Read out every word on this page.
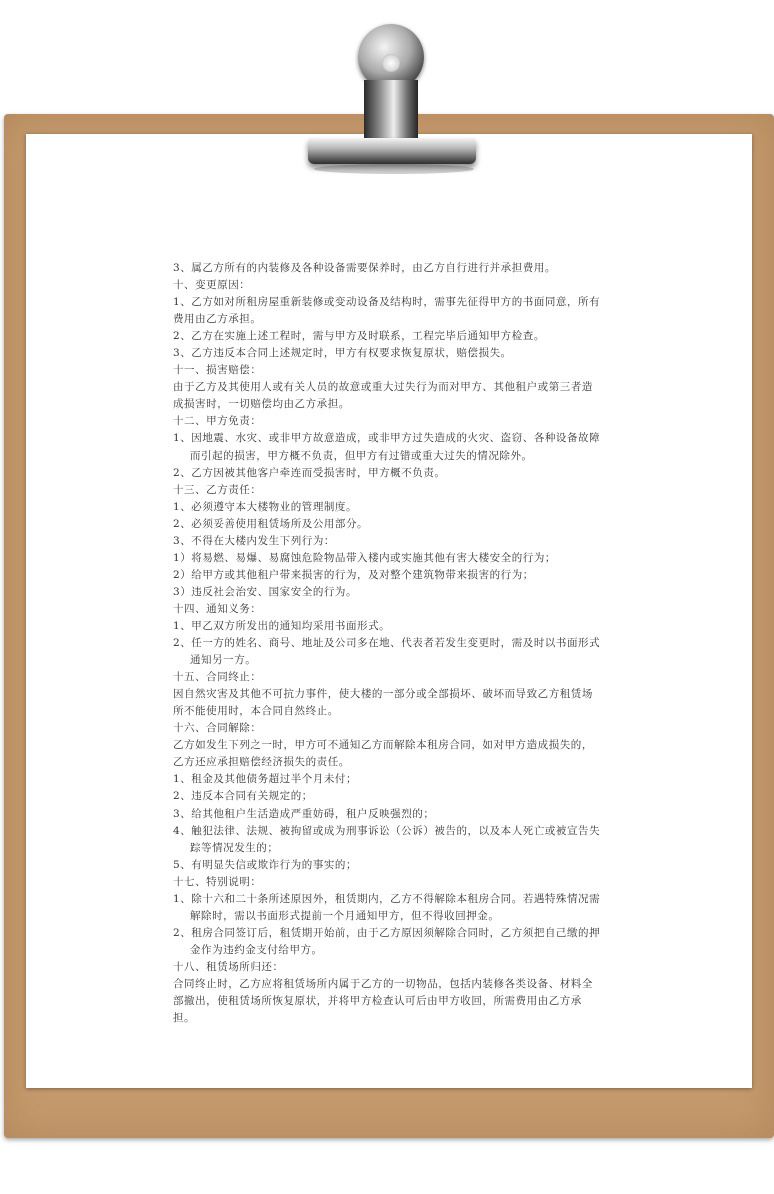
3、属乙方所有的内装修及各种设备需要保养时，由乙方自行进行并承担费用。

十、变更原因：

1、乙方如对所租房屋重新装修或变动设备及结构时，需事先征得甲方的书面同意，所有费用由乙方承担。

2、乙方在实施上述工程时，需与甲方及时联系，工程完毕后通知甲方检查。

3、乙方违反本合同上述规定时，甲方有权要求恢复原状，赔偿损失。

十一、损害赔偿：

由于乙方及其使用人或有关人员的故意或重大过失行为而对甲方、其他租户或第三者造成损害时，一切赔偿均由乙方承担。

十二、甲方免责：

1、因地震、水灾、或非甲方故意造成，或非甲方过失造成的火灾、盗窃、各种设备故障而引起的损害，甲方概不负责，但甲方有过错或重大过失的情况除外。

2、乙方因被其他客户牵连而受损害时，甲方概不负责。

十三、乙方责任：

1、必须遵守本大楼物业的管理制度。

2、必须妥善使用租赁场所及公用部分。

3、不得在大楼内发生下列行为：

1）将易燃、易爆、易腐蚀危险物品带入楼内或实施其他有害大楼安全的行为；

2）给甲方或其他租户带来损害的行为，及对整个建筑物带来损害的行为；

3）违反社会治安、国家安全的行为。

十四、通知义务：

1、甲乙双方所发出的通知均采用书面形式。

2、任一方的姓名、商号、地址及公司多在地、代表者若发生变更时，需及时以书面形式通知另一方。

十五、合同终止：

因自然灾害及其他不可抗力事件，使大楼的一部分或全部损坏、破坏而导致乙方租赁场所不能使用时，本合同自然终止。

十六、合同解除：

乙方如发生下列之一时，甲方可不通知乙方而解除本租房合同，如对甲方造成损失的，乙方还应承担赔偿经济损失的责任。

1、租金及其他债务超过半个月未付；

2、违反本合同有关规定的；

3、给其他租户生活造成严重妨碍，租户反映强烈的；

4、触犯法律、法规、被拘留或成为刑事诉讼（公诉）被告的，以及本人死亡或被宣告失踪等情况发生的；

5、有明显失信或欺诈行为的事实的；

十七、特别说明：

1、除十六和二十条所述原因外，租赁期内，乙方不得解除本租房合同。若遇特殊情况需解除时，需以书面形式提前一个月通知甲方，但不得收回押金。

2、租房合同签订后，租赁期开始前，由于乙方原因须解除合同时，乙方须把自己缴的押金作为违约金支付给甲方。

十八、租赁场所归还：

合同终止时，乙方应将租赁场所内属于乙方的一切物品，包括内装修各类设备、材料全部撤出，使租赁场所恢复原状，并将甲方检查认可后由甲方收回，所需费用由乙方承担。
